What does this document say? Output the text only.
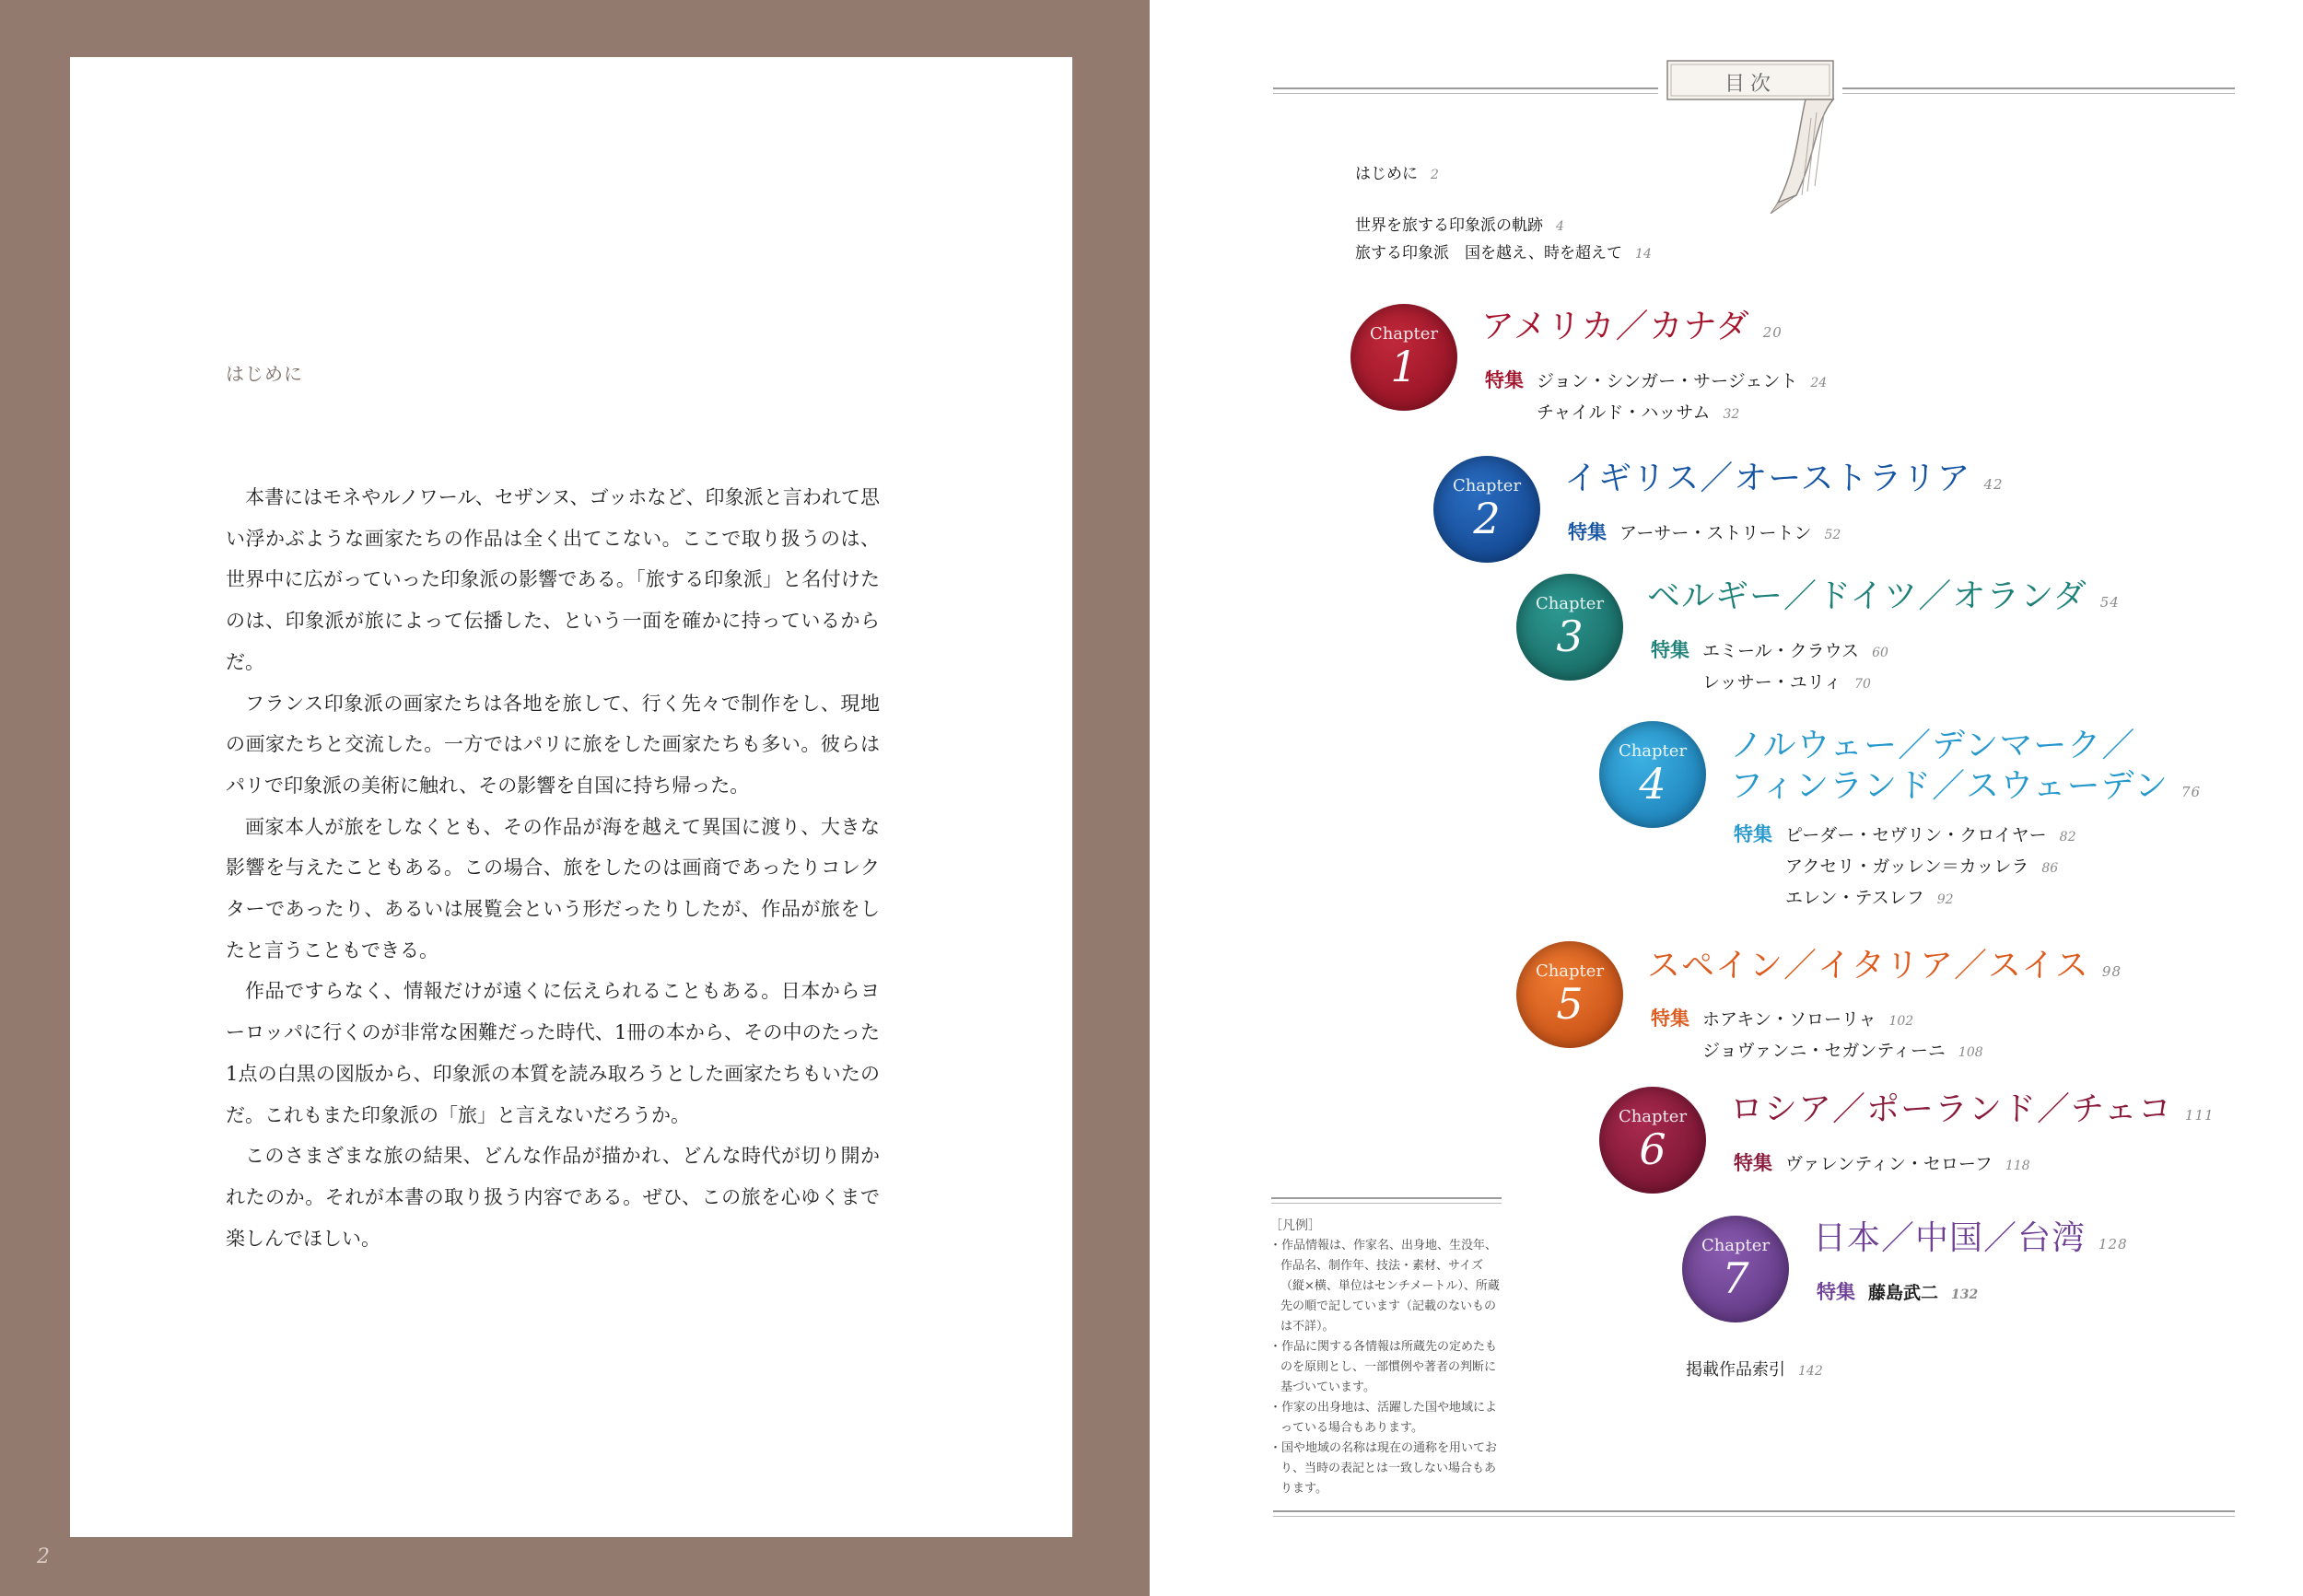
はじめに

本書にはモネやルノワール、セザンヌ、ゴッホなど、印象派と言われて思い浮かぶような画家たちの作品は全く出てこない。ここで取り扱うのは、世界中に広がっていった印象派の影響である。「旅する印象派」と名付けたのは、印象派が旅によって伝播した、という一面を確かに持っているからだ。

フランス印象派の画家たちは各地を旅して、行く先々で制作をし、現地の画家たちと交流した。一方ではパリに旅をした画家たちも多い。彼らはパリで印象派の美術に触れ、その影響を自国に持ち帰った。

画家本人が旅をしなくとも、その作品が海を越えて異国に渡り、大きな影響を与えたこともある。この場合、旅をしたのは画商であったりコレクターであったり、あるいは展覧会という形だったりしたが、作品が旅をしたと言うこともできる。

作品ですらなく、情報だけが遠くに伝えられることもある。日本からヨーロッパに行くのが非常な困難だった時代、1冊の本から、その中のたった1点の白黒の図版から、印象派の本質を読み取ろうとした画家たちもいたのだ。これもまた印象派の「旅」と言えないだろうか。

このさまざまな旅の結果、どんな作品が描かれ、どんな時代が切り開かれたのか。それが本書の取り扱う内容である。ぜひ、この旅を心ゆくまで楽しんでほしい。

2
目次
はじめに 2
世界を旅する印象派の軌跡 4
旅する印象派　国を越え、時を超えて 14
Chapter
1
アメリカ／カナダ 20
特集 ジョン・シンガー・サージェント 24
チャイルド・ハッサム 32
Chapter
2
イギリス／オーストラリア 42
特集 アーサー・ストリートン 52
Chapter
3
ベルギー／ドイツ／オランダ 54
特集 エミール・クラウス 60
レッサー・ユリィ 70
Chapter
4
ノルウェー／デンマーク／
フィンランド／スウェーデン 76
特集 ピーダー・セヴリン・クロイヤー 82
アクセリ・ガッレン＝カッレラ 86
エレン・テスレフ 92
Chapter
5
スペイン／イタリア／スイス 98
特集 ホアキン・ソローリャ 102
ジョヴァンニ・セガンティーニ 108
Chapter
6
ロシア／ポーランド／チェコ 111
特集 ヴァレンティン・セローフ 118
Chapter
7
日本／中国／台湾 128
特集 藤島武二 132
掲載作品索引 142
［凡例］
・作品情報は、作家名、出身地、生没年、作品名、制作年、技法・素材、サイズ（縦×横、単位はセンチメートル）、所蔵先の順で記しています（記載のないものは不詳）。
・作品に関する各情報は所蔵先の定めたものを原則とし、一部慣例や著者の判断に基づいています。
・作家の出身地は、活躍した国や地域によっている場合もあります。
・国や地域の名称は現在の通称を用いており、当時の表記とは一致しない場合もあります。
